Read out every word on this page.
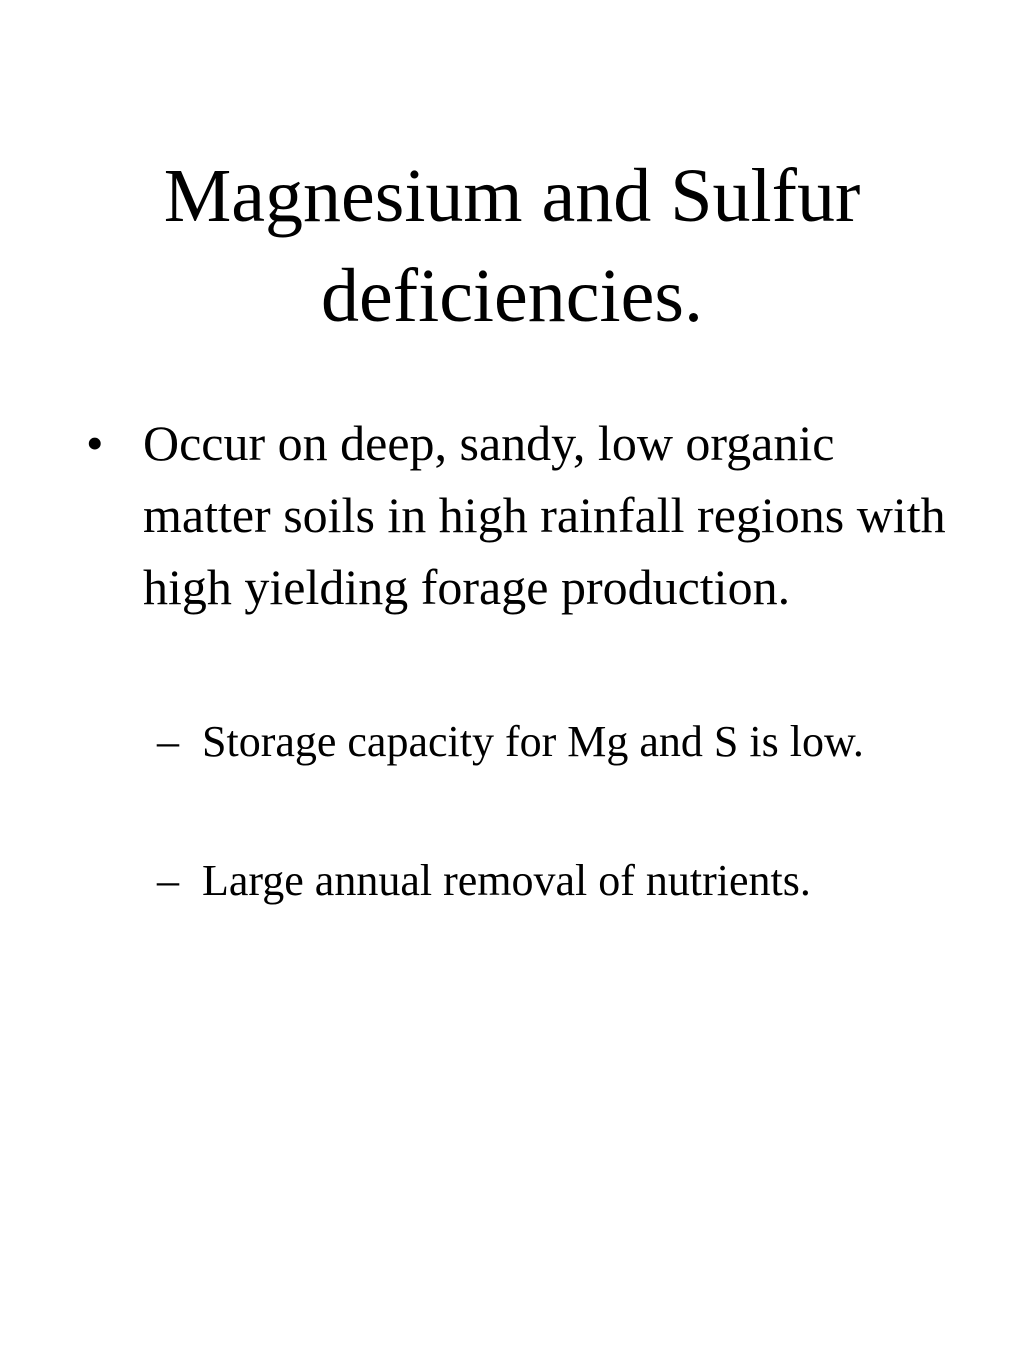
Magnesium and Sulfur deficiencies.
• Occur on deep, sandy, low organic matter soils in high rainfall regions with high yielding forage production.
– Storage capacity for Mg and S is low.
– Large annual removal of nutrients.
